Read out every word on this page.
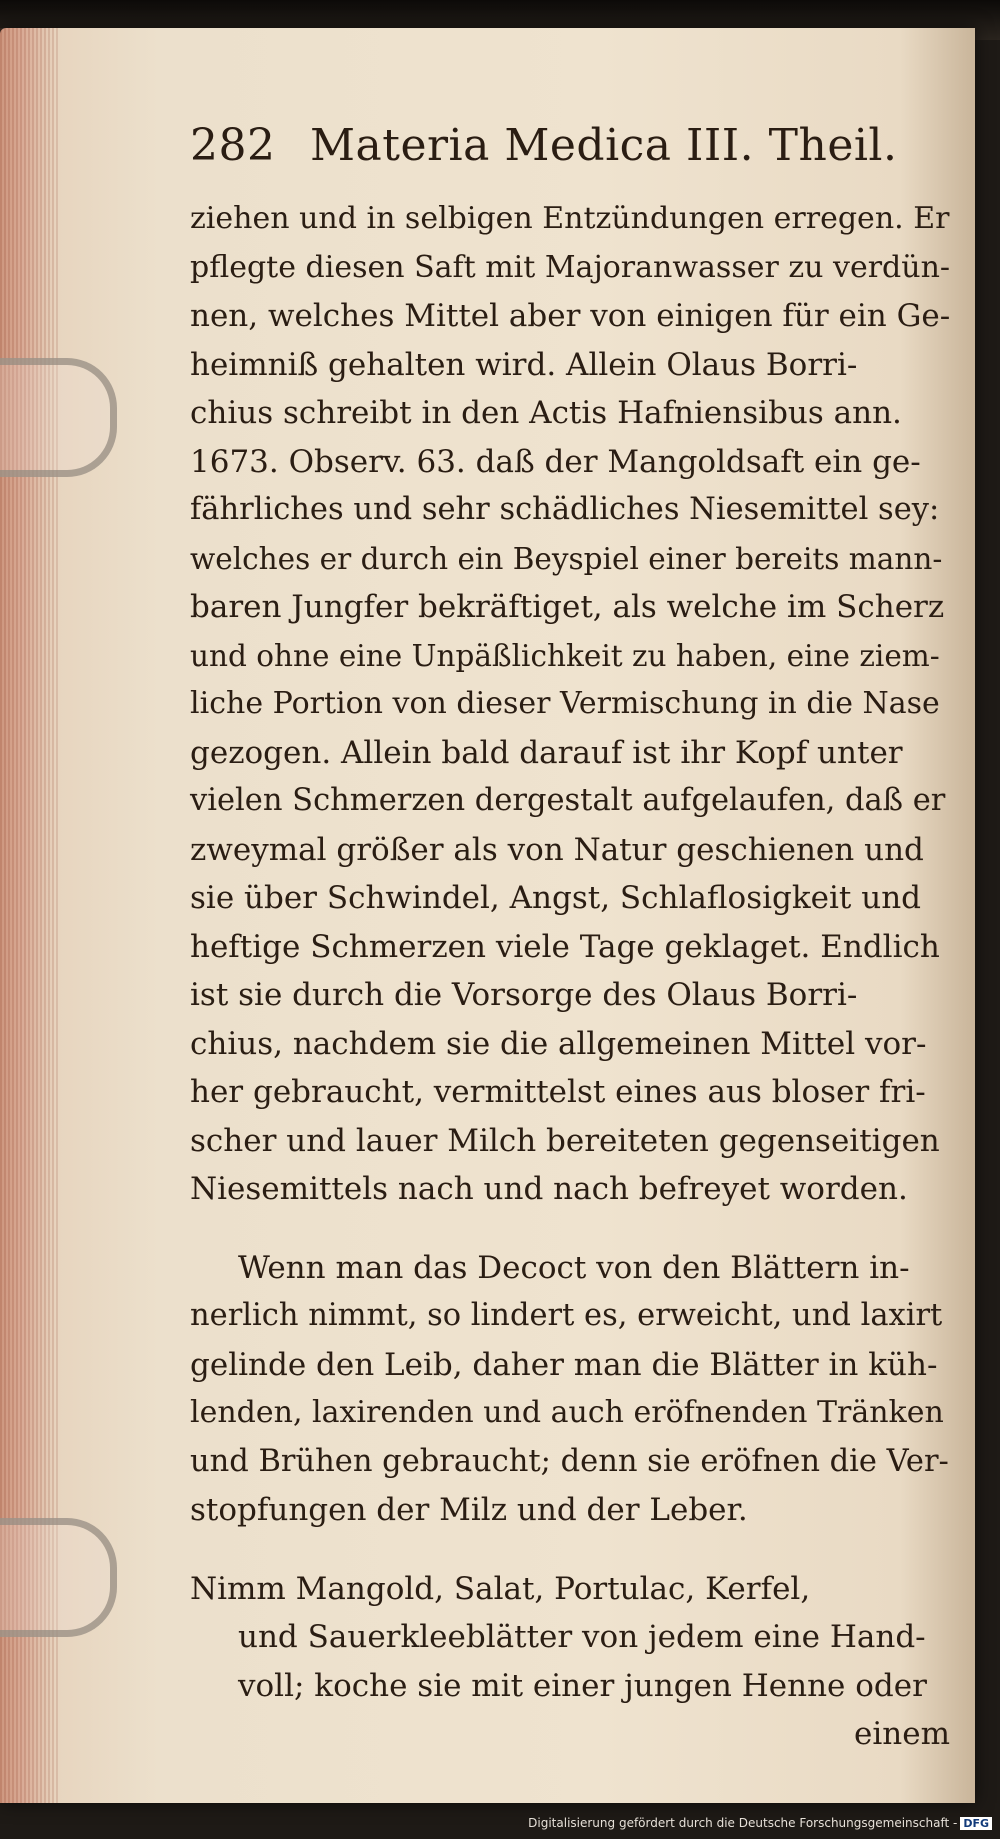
282 Materia Medica III. Theil.
ziehen und in selbigen Entzündungen erregen. Er
pflegte diesen Saft mit Majoranwasser zu verdün-
nen, welches Mittel aber von einigen für ein Ge-
heimniß gehalten wird. Allein Olaus Borri-
chius schreibt in den Actis Hafniensibus ann.
1673. Observ. 63. daß der Mangoldsaft ein ge-
fährliches und sehr schädliches Niesemittel sey:
welches er durch ein Beyspiel einer bereits mann-
baren Jungfer bekräftiget, als welche im Scherz
und ohne eine Unpäßlichkeit zu haben, eine ziem-
liche Portion von dieser Vermischung in die Nase
gezogen. Allein bald darauf ist ihr Kopf unter
vielen Schmerzen dergestalt aufgelaufen, daß er
zweymal größer als von Natur geschienen und
sie über Schwindel, Angst, Schlaflosigkeit und
heftige Schmerzen viele Tage geklaget. Endlich
ist sie durch die Vorsorge des Olaus Borri-
chius, nachdem sie die allgemeinen Mittel vor-
her gebraucht, vermittelst eines aus bloser fri-
scher und lauer Milch bereiteten gegenseitigen
Niesemittels nach und nach befreyet worden.
Wenn man das Decoct von den Blättern in-
nerlich nimmt, so lindert es, erweicht, und laxirt
gelinde den Leib, daher man die Blätter in küh-
lenden, laxirenden und auch eröfnenden Tränken
und Brühen gebraucht; denn sie eröfnen die Ver-
stopfungen der Milz und der Leber.
Nimm Mangold, Salat, Portulac, Kerfel,
und Sauerkleeblätter von jedem eine Hand-
voll; koche sie mit einer jungen Henne oder
einem
Digitalisierung gefördert durch die Deutsche Forschungsgemeinschaft - DFG
